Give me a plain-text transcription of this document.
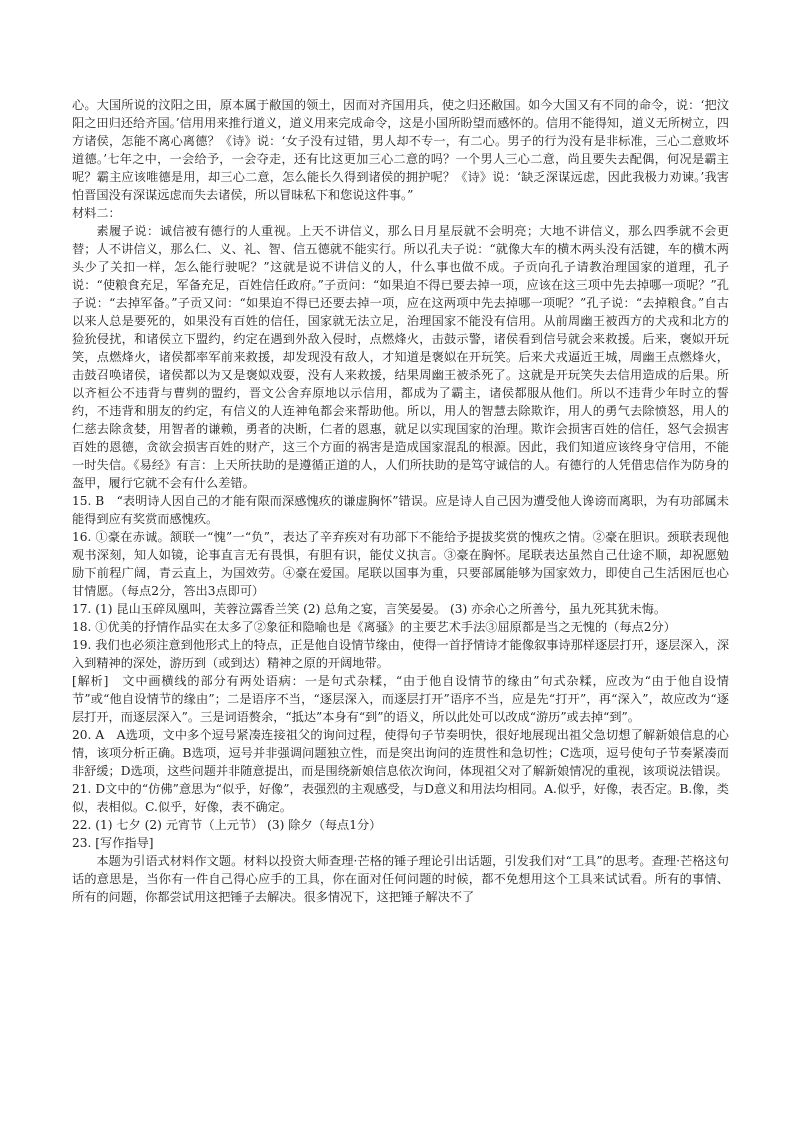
心。大国所说的汶阳之田，原本属于敝国的领土，因而对齐国用兵，使之归还敝国。如今大国又有不同的命令，说：‘把汶阳之田归还给齐国。’信用用来推行道义，道义用来完成命令，这是小国所盼望而感怀的。信用不能得知，道义无所树立，四方诸侯，怎能不离心离德？《诗》说：‘女子没有过错，男人却不专一，有二心。男子的行为没有是非标准，三心二意败坏道德。’七年之中，一会给予，一会夺走，还有比这更加三心二意的吗？一个男人三心二意，尚且要失去配偶，何况是霸主呢？霸主应该唯德是用，却三心二意，怎么能长久得到诸侯的拥护呢？《诗》说：‘缺乏深谋远虑，因此我极力劝谏。’我害怕晋国没有深谋远虑而失去诸侯，所以冒昧私下和您说这件事。”

材料二：

素履子说：诚信被有德行的人重视。上天不讲信义，那么日月星辰就不会明亮；大地不讲信义，那么四季就不会更替；人不讲信义，那么仁、义、礼、智、信五德就不能实行。所以孔夫子说：“就像大车的横木两头没有活键，车的横木两头少了关扣一样，怎么能行驶呢？”这就是说不讲信义的人，什么事也做不成。子贡向孔子请教治理国家的道理，孔子说：“使粮食充足，军备充足，百姓信任政府。”子贡问：“如果迫不得已要去掉一项，应该在这三项中先去掉哪一项呢？”孔子说：“去掉军备。”子贡又问：“如果迫不得已还要去掉一项，应在这两项中先去掉哪一项呢？”孔子说：“去掉粮食。”自古以来人总是要死的，如果没有百姓的信任，国家就无法立足，治理国家不能没有信用。从前周幽王被西方的犬戎和北方的猃狁侵扰，和诸侯立下盟约，约定在遇到外敌入侵时，点燃烽火，击鼓示警，诸侯看到信号就会来救援。后来，褒姒开玩笑，点燃烽火，诸侯都率军前来救援，却发现没有敌人，才知道是褒姒在开玩笑。后来犬戎逼近王城，周幽王点燃烽火，击鼓召唤诸侯，诸侯都以为又是褒姒戏耍，没有人来救援，结果周幽王被杀死了。这就是开玩笑失去信用造成的后果。所以齐桓公不违背与曹刿的盟约，晋文公舍弃原地以示信用，都成为了霸主，诸侯都服从他们。所以不违背少年时立的誓约，不违背和朋友的约定，有信义的人连神龟都会来帮助他。所以，用人的智慧去除欺诈，用人的勇气去除愤怒，用人的仁慈去除贪婪，用智者的谦赖，勇者的决断，仁者的恩惠，就足以实现国家的治理。欺诈会损害百姓的信任，怒气会损害百姓的恩德，贪欲会损害百姓的财产，这三个方面的祸害是造成国家混乱的根源。因此，我们知道应该终身守信用，不能一时失信。《易经》有言：上天所扶助的是遵循正道的人，人们所扶助的是笃守诚信的人。有德行的人凭借忠信作为防身的盔甲，履行它就不会有什么差错。

15. B　“表明诗人因自己的才能有限而深感愧疚的谦虚胸怀”错误。应是诗人自己因为遭受他人谗谤而离职，为有功部属未能得到应有奖赏而感愧疚。

16. ①豪在赤诚。颔联一“愧”一“负”，表达了辛弃疾对有功部下不能给予提拔奖赏的愧疚之情。②豪在胆识。颈联表现他观书深刻，知人如镜，论事直言无有畏惧，有胆有识，能仗义执言。③豪在胸怀。尾联表达虽然自己仕途不顺，却祝愿勉励下前程广阔，青云直上，为国效劳。④豪在爱国。尾联以国事为重，只要部属能够为国家效力，即使自己生活困厄也心甘情愿。（每点2分，答出3点即可）

17. (1) 昆山玉碎凤凰叫，芙蓉泣露香兰笑 (2) 总角之宴，言笑晏晏。 (3) 亦余心之所善兮，虽九死其犹未悔。

18. ①优美的抒情作品实在太多了②象征和隐喻也是《离骚》的主要艺术手法③屈原都是当之无愧的（每点2分）

19. 我们也必须注意到他形式上的特点，正是他自设情节缘由，使得一首抒情诗才能像叙事诗那样逐层打开，逐层深入，深入到精神的深处，游历到（或到达）精神之原的开阔地带。

[解析]　文中画横线的部分有两处语病：一是句式杂糅，“由于他自设情节的缘由”句式杂糅，应改为“由于他自设情节”或“他自设情节的缘由”；二是语序不当，“逐层深入，而逐层打开”语序不当，应是先“打开”，再“深入”，故应改为“逐层打开，而逐层深入”。三是词语赘余，“抵达”本身有“到”的语义，所以此处可以改成“游历”或去掉“到”。

20. A　A选项，文中多个逗号紧凑连接祖父的询问过程，使得句子节奏明快，很好地展现出祖父急切想了解新娘信息的心情，该项分析正确。B选项，逗号并非强调问题独立性，而是突出询问的连贯性和急切性；C选项，逗号使句子节奏紧凑而非舒缓；D选项，这些问题并非随意提出，而是围绕新娘信息依次询问，体现祖父对了解新娘情况的重视，该项说法错误。

21. D文中的“仿佛”意思为“似乎，好像”，表强烈的主观感受，与D意义和用法均相同。A.似乎，好像，表否定。B.像，类似，表相似。C.似乎，好像，表不确定。

22. (1) 七夕 (2) 元宵节（上元节） (3) 除夕（每点1分）

23. [写作指导]

本题为引语式材料作文题。材料以投资大师查理·芒格的锤子理论引出话题，引发我们对“工具”的思考。查理·芒格这句话的意思是，当你有一件自己得心应手的工具，你在面对任何问题的时候，都不免想用这个工具来试试看。所有的事情、所有的问题，你都尝试用这把锤子去解决。很多情况下，这把锤子解决不了
